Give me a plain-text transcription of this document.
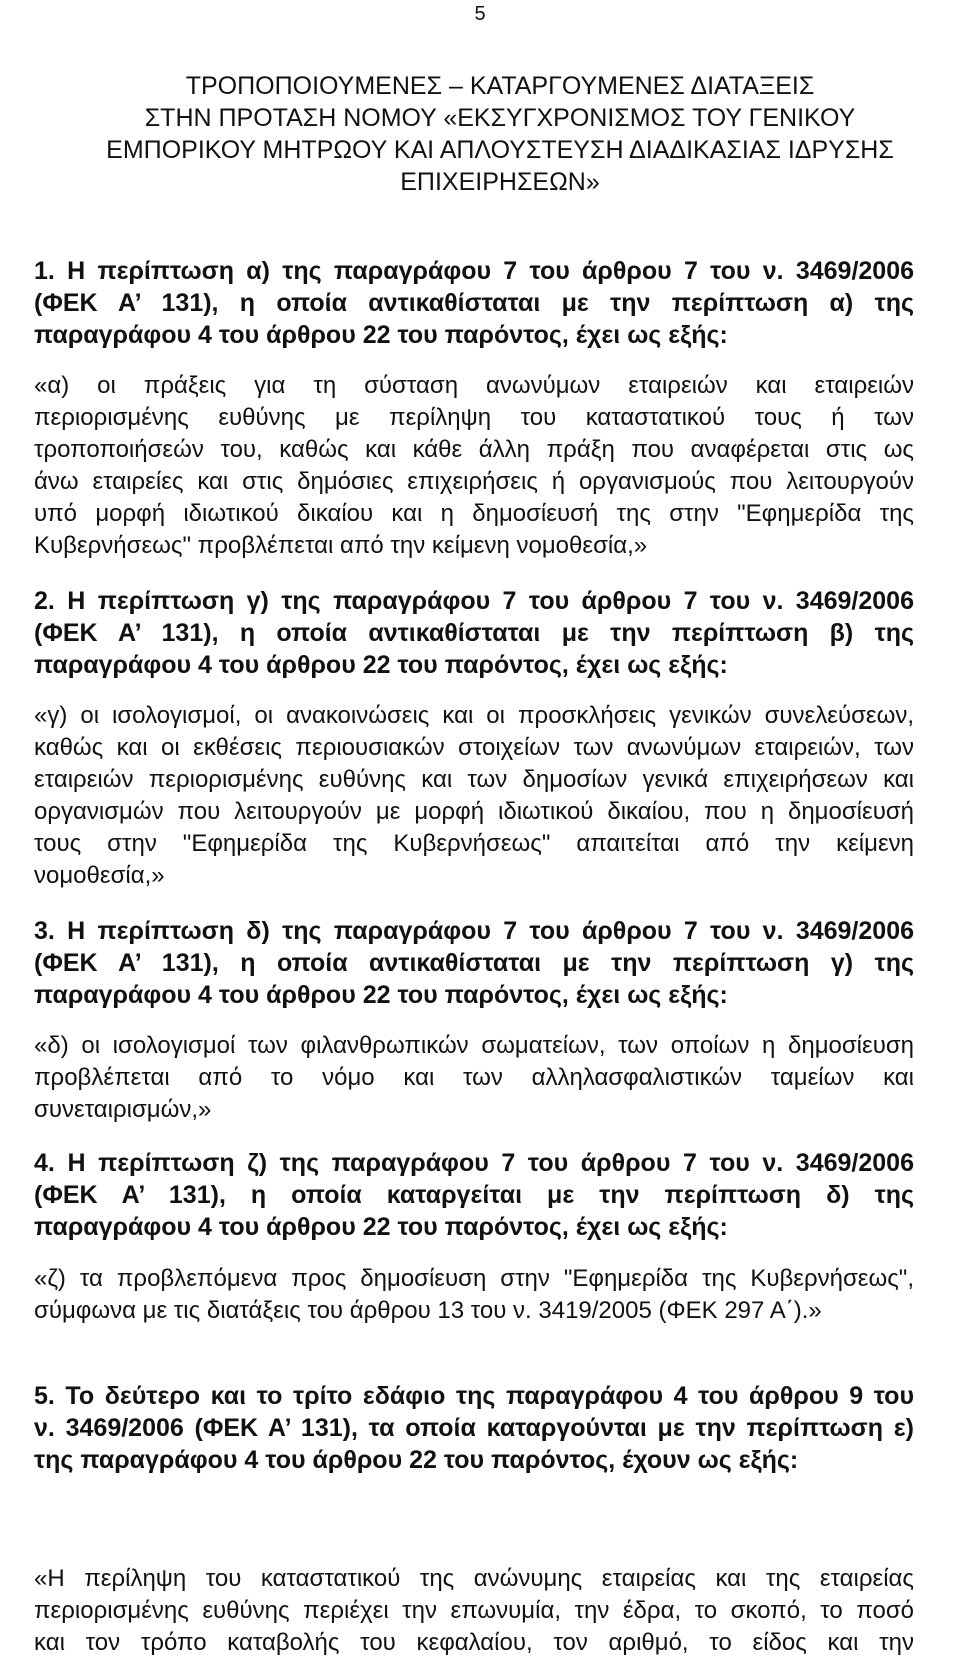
5
ΤΡΟΠΟΠΟΙΟΥΜΕΝΕΣ – ΚΑΤΑΡΓΟΥΜΕΝΕΣ ΔΙΑΤΑΞΕΙΣ
ΣΤΗΝ ΠΡΟΤΑΣΗ ΝΟΜΟΥ «ΕΚΣΥΓΧΡΟΝΙΣΜΟΣ ΤΟΥ ΓΕΝΙΚΟΥ
ΕΜΠΟΡΙΚΟΥ ΜΗΤΡΩΟΥ ΚΑΙ ΑΠΛΟΥΣΤΕΥΣΗ ΔΙΑΔΙΚΑΣΙΑΣ ΙΔΡΥΣΗΣ
ΕΠΙΧΕΙΡΗΣΕΩΝ»
1. Η περίπτωση α) της παραγράφου 7 του άρθρου 7 του ν. 3469/2006
(ΦΕΚ Α’ 131), η οποία αντικαθίσταται με την περίπτωση α) της
παραγράφου 4 του άρθρου 22 του παρόντος, έχει ως εξής:
«α) οι πράξεις για τη σύσταση ανωνύμων εταιρειών και εταιρειών
περιορισμένης ευθύνης με περίληψη του καταστατικού τους ή των
τροποποιήσεών του, καθώς και κάθε άλλη πράξη που αναφέρεται στις ως
άνω εταιρείες και στις δημόσιες επιχειρήσεις ή οργανισμούς που λειτουργούν
υπό μορφή ιδιωτικού δικαίου και η δημοσίευσή της στην "Εφημερίδα της
Κυβερνήσεως" προβλέπεται από την κείμενη νομοθεσία,»
2. Η περίπτωση γ) της παραγράφου 7 του άρθρου 7 του ν. 3469/2006
(ΦΕΚ Α’ 131), η οποία αντικαθίσταται με την περίπτωση β) της
παραγράφου 4 του άρθρου 22 του παρόντος, έχει ως εξής:
«γ) οι ισολογισμοί, οι ανακοινώσεις και οι προσκλήσεις γενικών συνελεύσεων,
καθώς και οι εκθέσεις περιουσιακών στοιχείων των ανωνύμων εταιρειών, των
εταιρειών περιορισμένης ευθύνης και των δημοσίων γενικά επιχειρήσεων και
οργανισμών που λειτουργούν με μορφή ιδιωτικού δικαίου, που η δημοσίευσή
τους στην "Εφημερίδα της Κυβερνήσεως" απαιτείται από την κείμενη
νομοθεσία,»
3. Η περίπτωση δ) της παραγράφου 7 του άρθρου 7 του ν. 3469/2006
(ΦΕΚ Α’ 131), η οποία αντικαθίσταται με την περίπτωση γ) της
παραγράφου 4 του άρθρου 22 του παρόντος, έχει ως εξής:
«δ) οι ισολογισμοί των φιλανθρωπικών σωματείων, των οποίων η δημοσίευση
προβλέπεται από το νόμο και των αλληλασφαλιστικών ταμείων και
συνεταιρισμών,»
4. Η περίπτωση ζ) της παραγράφου 7 του άρθρου 7 του ν. 3469/2006
(ΦΕΚ Α’ 131), η οποία καταργείται με την περίπτωση δ) της
παραγράφου 4 του άρθρου 22 του παρόντος, έχει ως εξής:
«ζ) τα προβλεπόμενα προς δημοσίευση στην "Εφημερίδα της Κυβερνήσεως",
σύμφωνα με τις διατάξεις του άρθρου 13 του ν. 3419/2005 (ΦΕΚ 297 Α΄).»
5. Το δεύτερο και το τρίτο εδάφιο της παραγράφου 4 του άρθρου 9 του
ν. 3469/2006 (ΦΕΚ Α’ 131), τα οποία καταργούνται με την περίπτωση ε)
της παραγράφου 4 του άρθρου 22 του παρόντος, έχουν ως εξής:
«Η περίληψη του καταστατικού της ανώνυμης εταιρείας και της εταιρείας
περιορισμένης ευθύνης περιέχει την επωνυμία, την έδρα, το σκοπό, το ποσό
και τον τρόπο καταβολής του κεφαλαίου, τον αριθμό, το είδος και την
